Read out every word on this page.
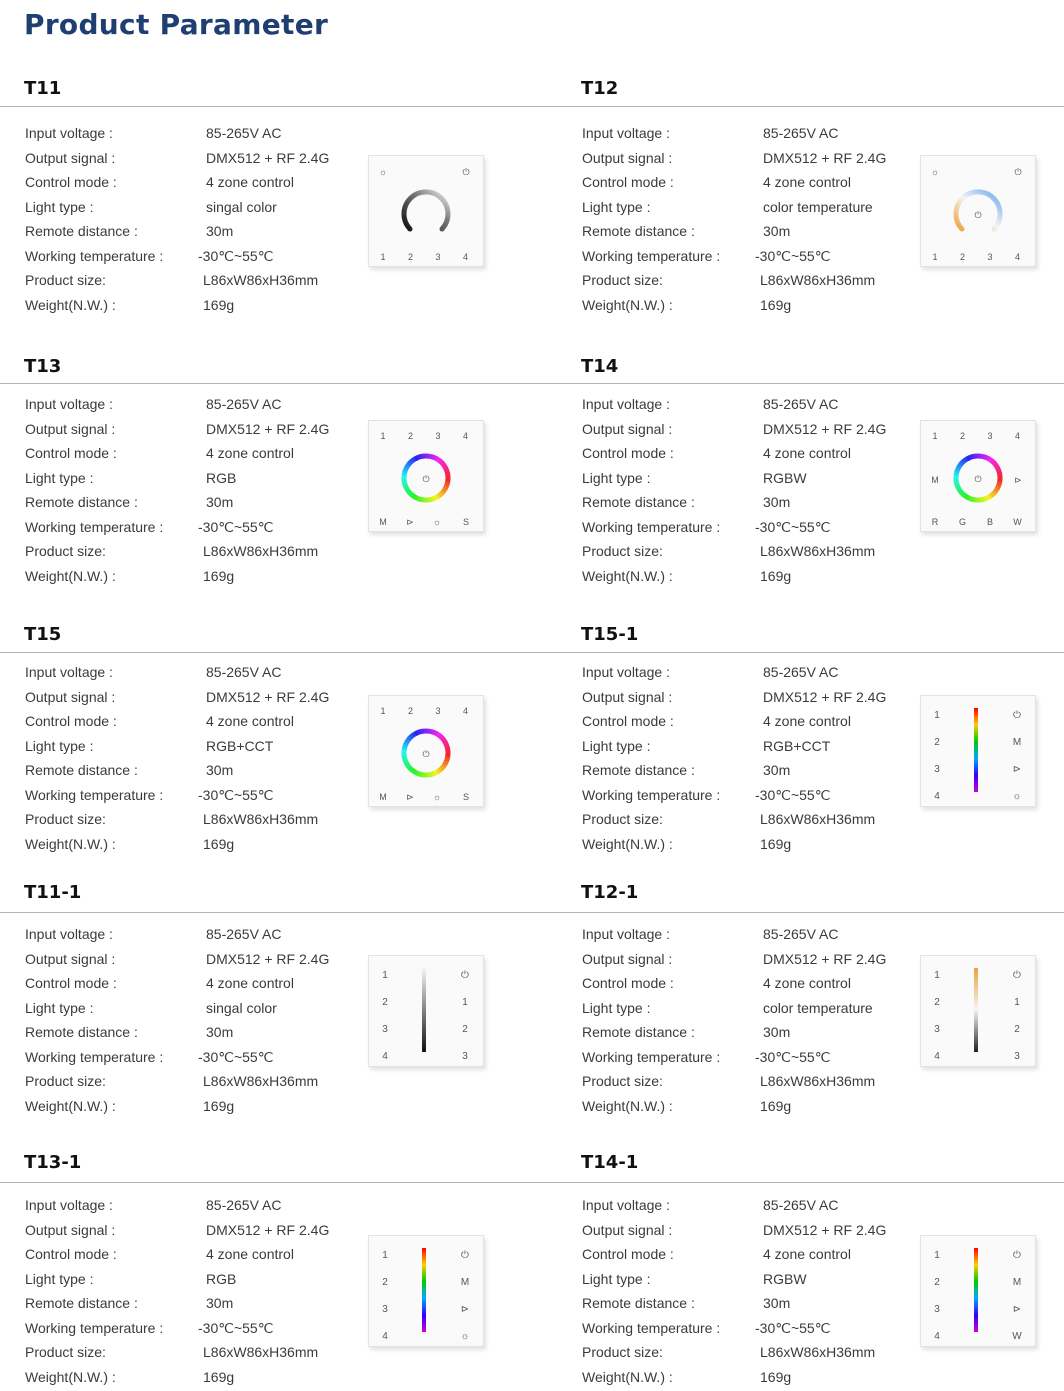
Product Parameter
T11
Input voltage :	85-265V AC
Output signal :	DMX512 + RF 2.4G
Control mode :	4 zone control
Light type :	singal color
Remote distance :	30m
Working temperature : -30℃~55℃
Product size:	L86xW86xH36mm
Weight(N.W.) :	169g
☼	⏻
1 2 3 4
T12
Input voltage :	85-265V AC
Output signal :	DMX512 + RF 2.4G
Control mode :	4 zone control
Light type :	color temperature
Remote distance :	30m
Working temperature : -30℃~55℃
Product size:	L86xW86xH36mm
Weight(N.W.) :	169g
☼	⏻
⏻
1 2 3 4
T13
Input voltage :	85-265V AC
Output signal :	DMX512 + RF 2.4G
Control mode :	4 zone control
Light type :	RGB
Remote distance :	30m
Working temperature : -30℃~55℃
Product size:	L86xW86xH36mm
Weight(N.W.) :	169g
⏻
1 2 3 4
M ⊳ ☼ S
T14
Input voltage :	85-265V AC
Output signal :	DMX512 + RF 2.4G
Control mode :	4 zone control
Light type :	RGBW
Remote distance :	30m
Working temperature : -30℃~55℃
Product size:	L86xW86xH36mm
Weight(N.W.) :	169g
⏻
1 2 3 4
M	⊳
R G B W
T15
Input voltage :	85-265V AC
Output signal :	DMX512 + RF 2.4G
Control mode :	4 zone control
Light type :	RGB+CCT
Remote distance :	30m
Working temperature : -30℃~55℃
Product size:	L86xW86xH36mm
Weight(N.W.) :	169g
⏻
1 2 3 4
M ⊳ ☼ S
T15-1
Input voltage :	85-265V AC
Output signal :	DMX512 + RF 2.4G
Control mode :	4 zone control
Light type :	RGB+CCT
Remote distance :	30m
Working temperature : -30℃~55℃
Product size:	L86xW86xH36mm
Weight(N.W.) :	169g
1
2
3
4
⏻
M
⊳
☼
T11-1
Input voltage :	85-265V AC
Output signal :	DMX512 + RF 2.4G
Control mode :	4 zone control
Light type :	singal color
Remote distance :	30m
Working temperature : -30℃~55℃
Product size:	L86xW86xH36mm
Weight(N.W.) :	169g
1
2
3
4
⏻
1
2
3
T12-1
Input voltage :	85-265V AC
Output signal :	DMX512 + RF 2.4G
Control mode :	4 zone control
Light type :	color temperature
Remote distance :	30m
Working temperature : -30℃~55℃
Product size:	L86xW86xH36mm
Weight(N.W.) :	169g
1
2
3
4
⏻
1
2
3
T13-1
Input voltage :	85-265V AC
Output signal :	DMX512 + RF 2.4G
Control mode :	4 zone control
Light type :	RGB
Remote distance :	30m
Working temperature : -30℃~55℃
Product size:	L86xW86xH36mm
Weight(N.W.) :	169g
1
2
3
4
⏻
M
⊳
☼
T14-1
Input voltage :	85-265V AC
Output signal :	DMX512 + RF 2.4G
Control mode :	4 zone control
Light type :	RGBW
Remote distance :	30m
Working temperature : -30℃~55℃
Product size:	L86xW86xH36mm
Weight(N.W.) :	169g
1
2
3
4
⏻
M
⊳
W
